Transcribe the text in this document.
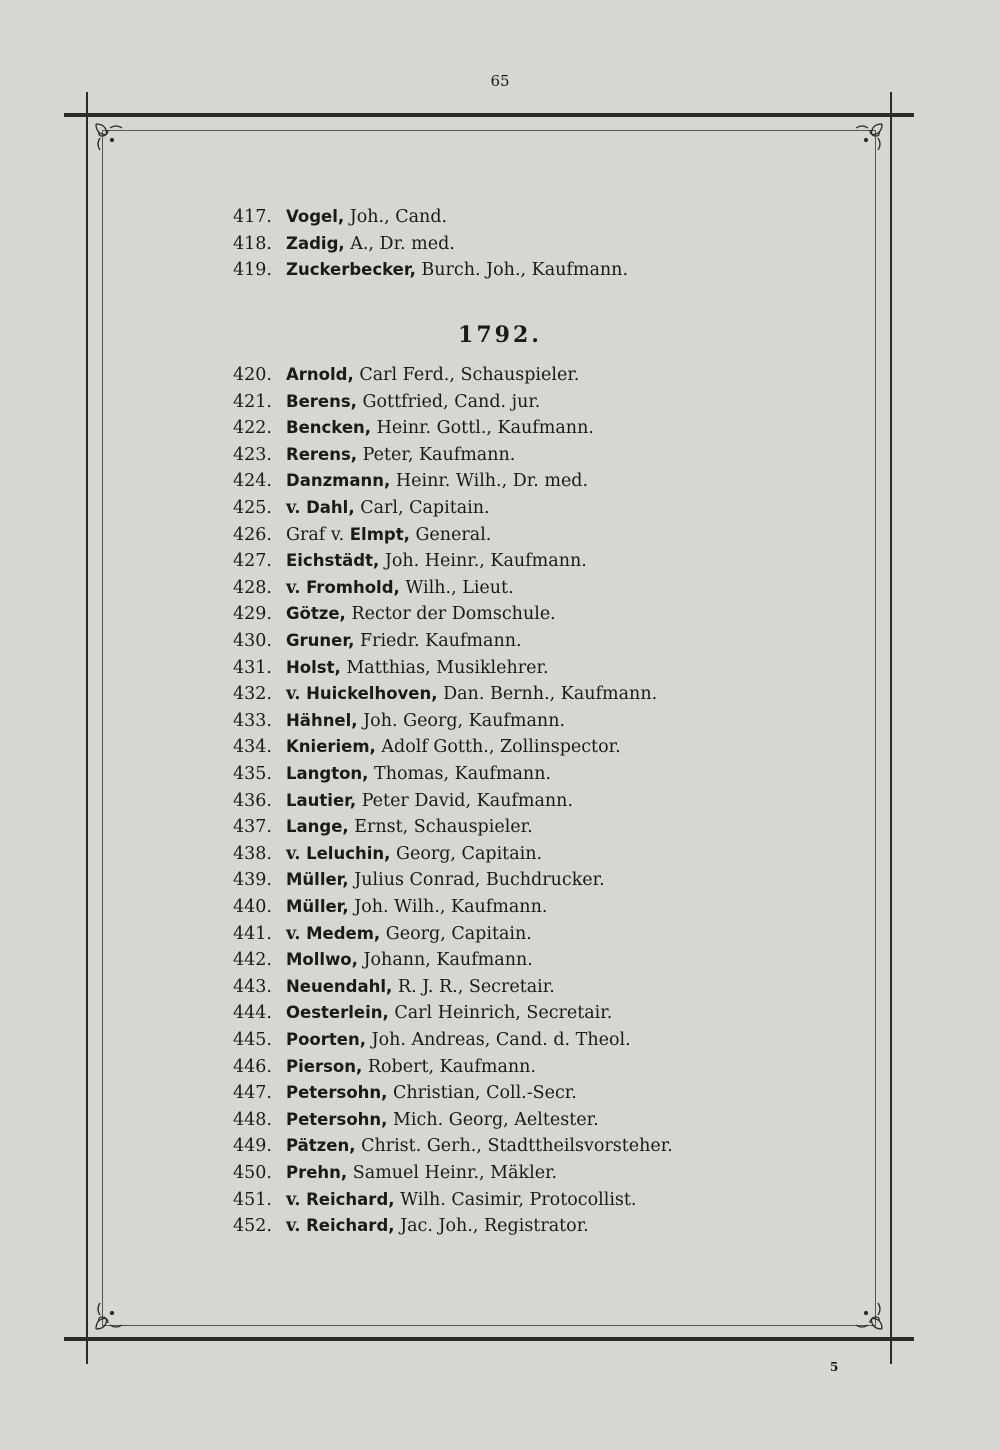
65
1792.
417. Vogel, Joh., Cand.
418. Zadig, A., Dr. med.
419. Zuckerbecker, Burch. Joh., Kaufmann.
420. Arnold, Carl Ferd., Schauspieler.
421. Berens, Gottfried, Cand. jur.
422. Bencken, Heinr. Gottl., Kaufmann.
423. Rerens, Peter, Kaufmann.
424. Danzmann, Heinr. Wilh., Dr. med.
425. v. Dahl, Carl, Capitain.
426. Graf v. Elmpt, General.
427. Eichstädt, Joh. Heinr., Kaufmann.
428. v. Fromhold, Wilh., Lieut.
429. Götze, Rector der Domschule.
430. Gruner, Friedr. Kaufmann.
431. Holst, Matthias, Musiklehrer.
432. v. Huickelhoven, Dan. Bernh., Kaufmann.
433. Hähnel, Joh. Georg, Kaufmann.
434. Knieriem, Adolf Gotth., Zollinspector.
435. Langton, Thomas, Kaufmann.
436. Lautier, Peter David, Kaufmann.
437. Lange, Ernst, Schauspieler.
438. v. Leluchin, Georg, Capitain.
439. Müller, Julius Conrad, Buchdrucker.
440. Müller, Joh. Wilh., Kaufmann.
441. v. Medem, Georg, Capitain.
442. Mollwo, Johann, Kaufmann.
443. Neuendahl, R. J. R., Secretair.
444. Oesterlein, Carl Heinrich, Secretair.
445. Poorten, Joh. Andreas, Cand. d. Theol.
446. Pierson, Robert, Kaufmann.
447. Petersohn, Christian, Coll.-Secr.
448. Petersohn, Mich. Georg, Aeltester.
449. Pätzen, Christ. Gerh., Stadttheilsvorsteher.
450. Prehn, Samuel Heinr., Mäkler.
451. v. Reichard, Wilh. Casimir, Protocollist.
452. v. Reichard, Jac. Joh., Registrator.
5
